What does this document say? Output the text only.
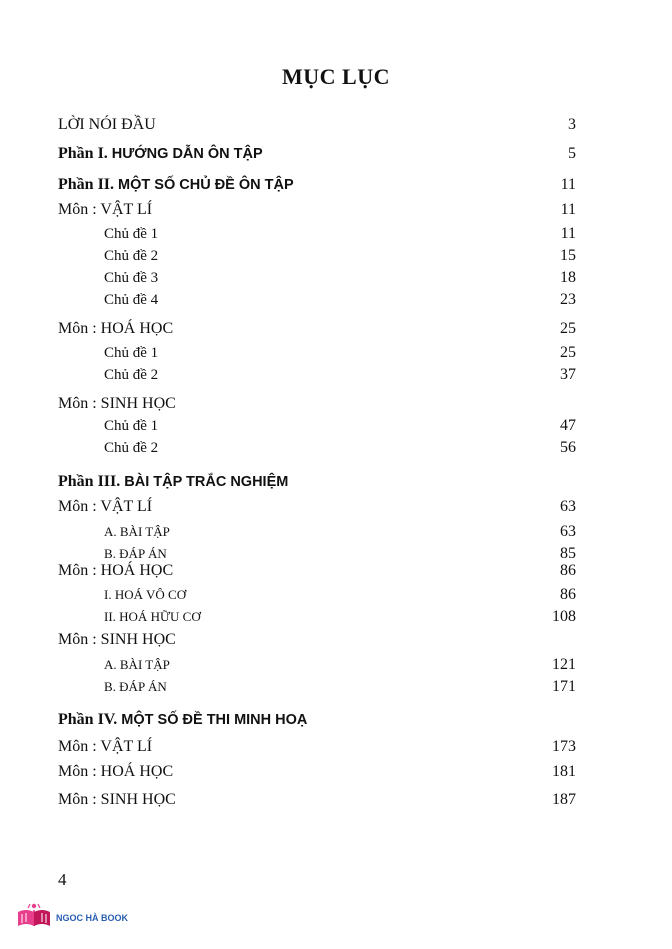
MỤC LỤC
LỜI NÓI ĐẦU	3
Phần I. HƯỚNG DẪN ÔN TẬP	5
Phần II. MỘT SỐ CHỦ ĐỀ ÔN TẬP	11
Môn : VẬT LÍ	11
Chủ đề 1	11
Chủ đề 2	15
Chủ đề 3	18
Chủ đề 4	23
Môn : HOÁ HỌC	25
Chủ đề 1	25
Chủ đề 2	37
Môn : SINH HỌC
Chủ đề 1	47
Chủ đề 2	56
Phần III. BÀI TẬP TRẮC NGHIỆM
Môn : VẬT LÍ	63
A. BÀI TẬP	63
B. ĐÁP ÁN	85
Môn : HOÁ HỌC	86
I. HOÁ VÔ CƠ	86
II. HOÁ HỮU CƠ	108
Môn : SINH HỌC
A. BÀI TẬP	121
B. ĐÁP ÁN	171
Phần IV. MỘT SỐ ĐỀ THI MINH HOẠ
Môn : VẬT LÍ	173
Môn : HOÁ HỌC	181
Môn : SINH HỌC	187
4
NGOC HÀ BOOK
